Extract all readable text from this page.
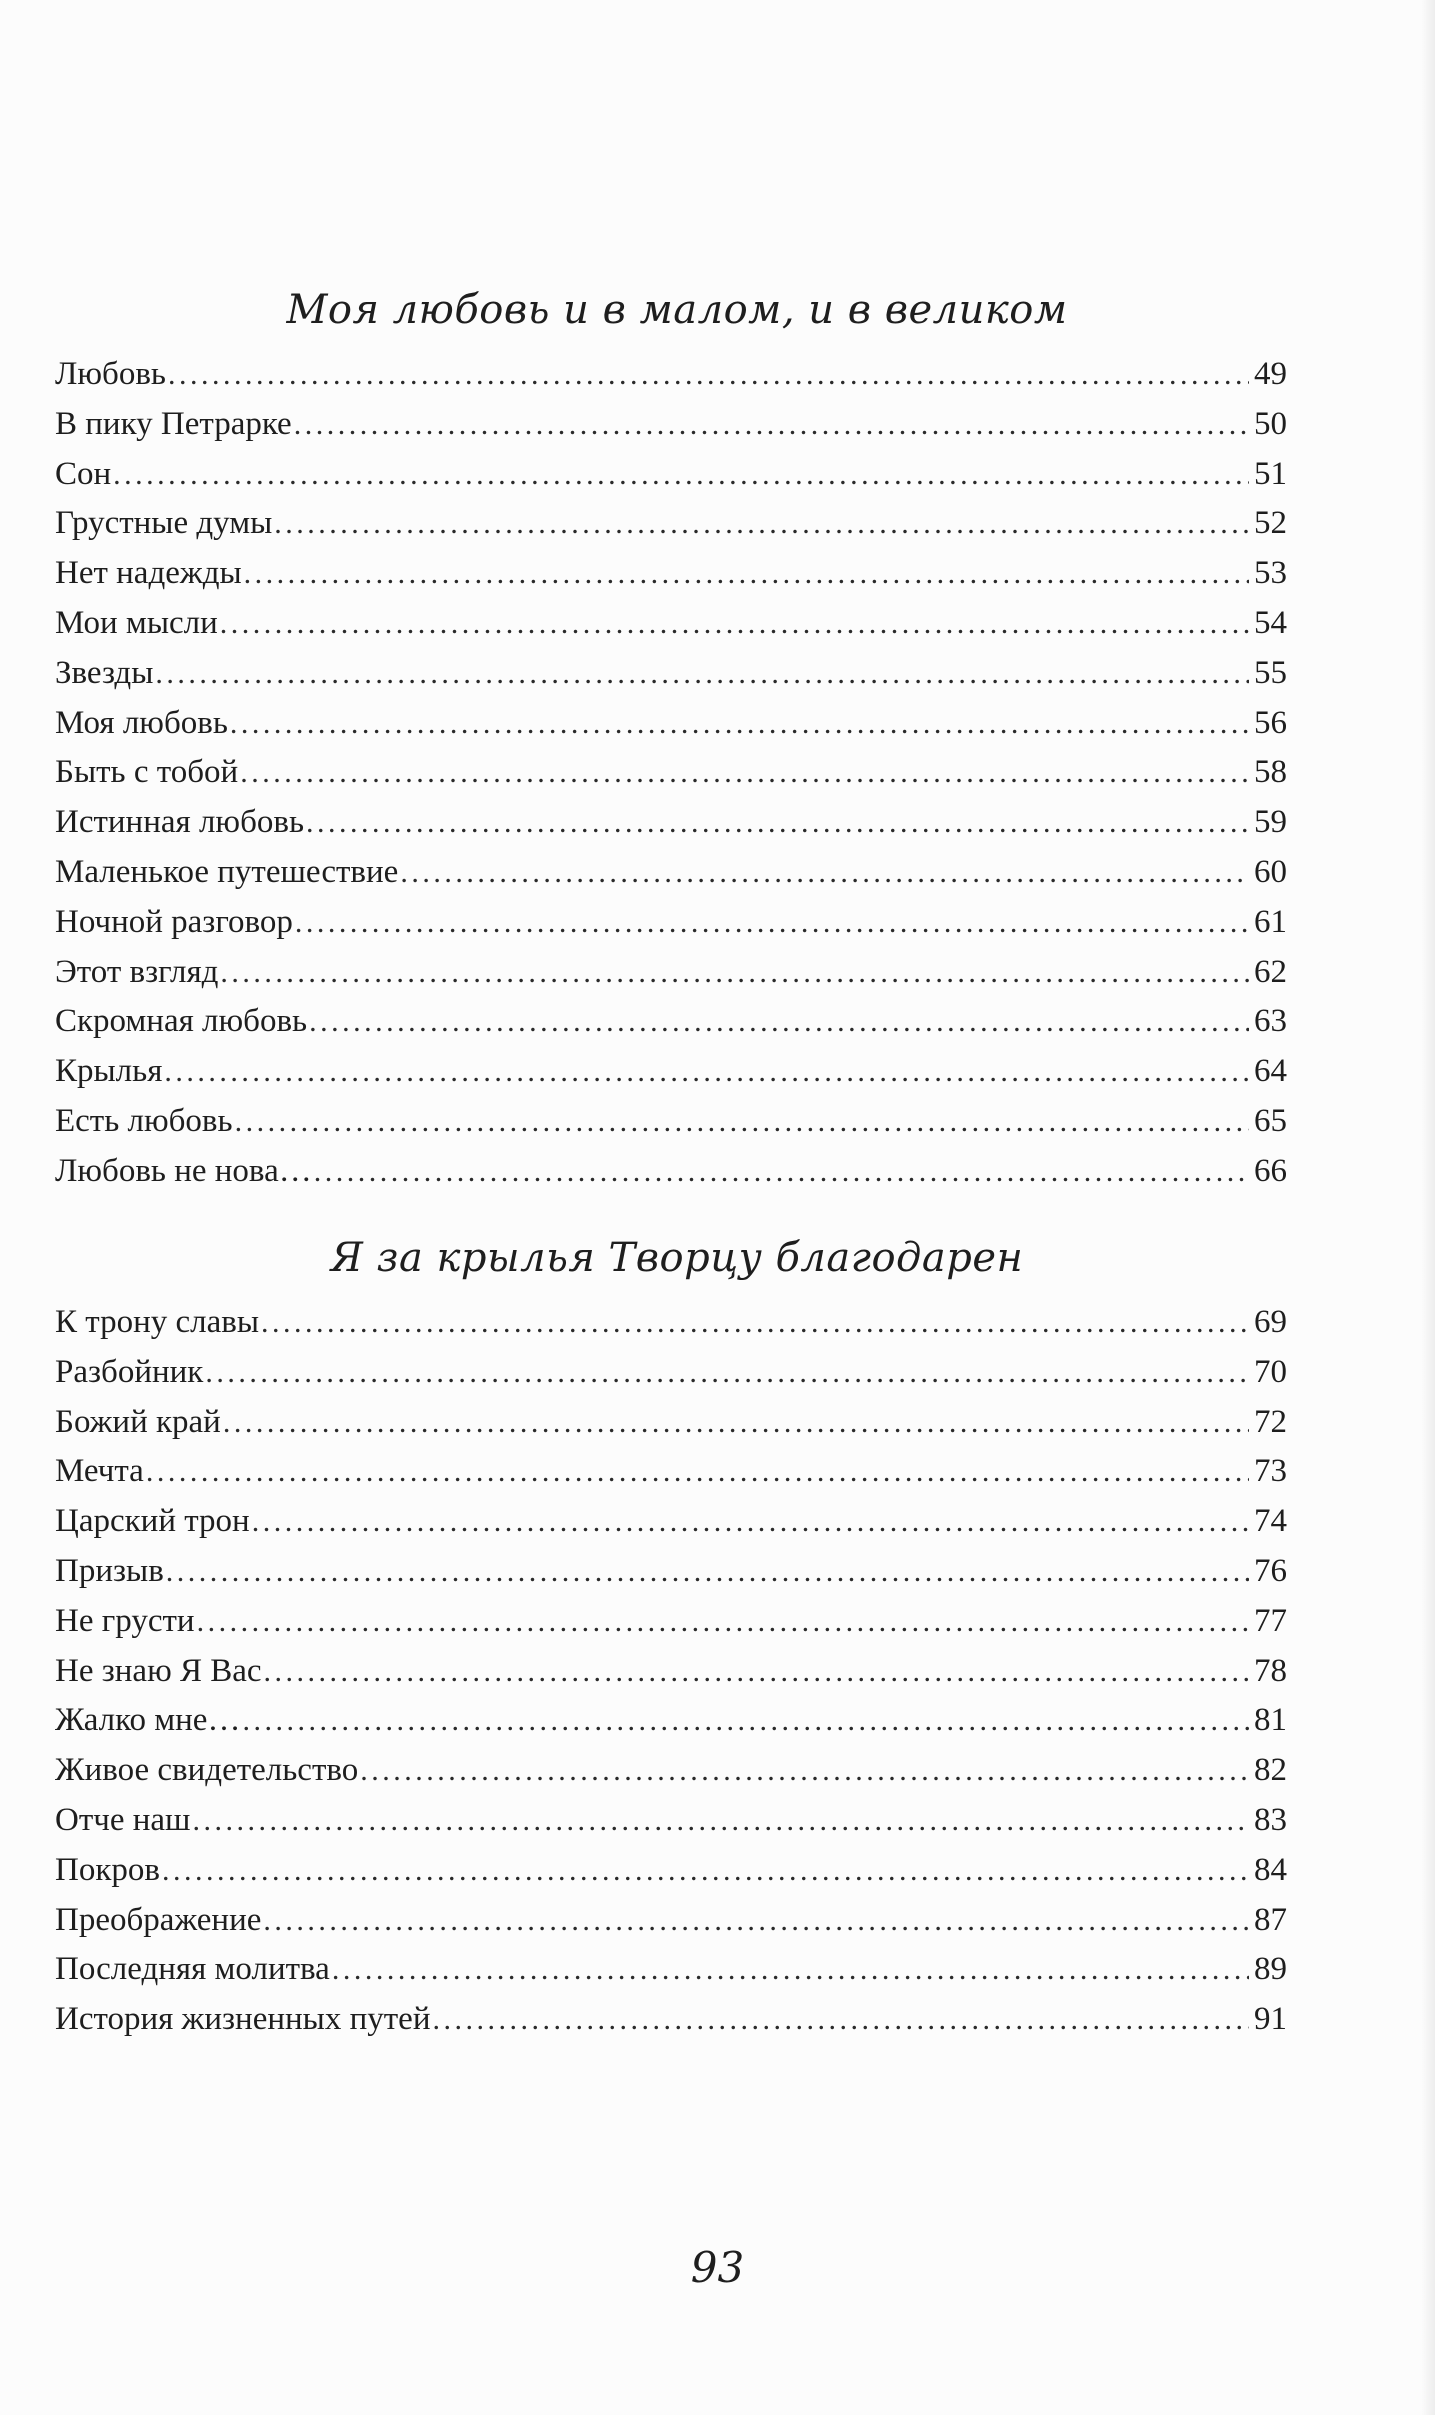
Моя любовь и в малом, и в великом
Любовь .....	49
В пику Петрарке .....	50
Сон .....	51
Грустные думы .....	52
Нет надежды .....	53
Мои мысли .....	54
Звезды .....	55
Моя любовь .....	56
Быть с тобой .....	58
Истинная любовь .....	59
Маленькое путешествие .....	60
Ночной разговор .....	61
Этот взгляд .....	62
Скромная любовь .....	63
Крылья .....	64
Есть любовь .....	65
Любовь не нова… .....	66
Я за крылья Творцу благодарен
К трону славы .....	69
Разбойник .....	70
Божий край .....	72
Мечта .....	73
Царский трон .....	74
Призыв .....	76
Не грусти .....	77
Не знаю Я Вас .....	78
Жалко мне… .....	81
Живое свидетельство .....	82
Отче наш .....	83
Покров .....	84
Преображение .....	87
Последняя молитва .....	89
История жизненных путей .....	91
93
